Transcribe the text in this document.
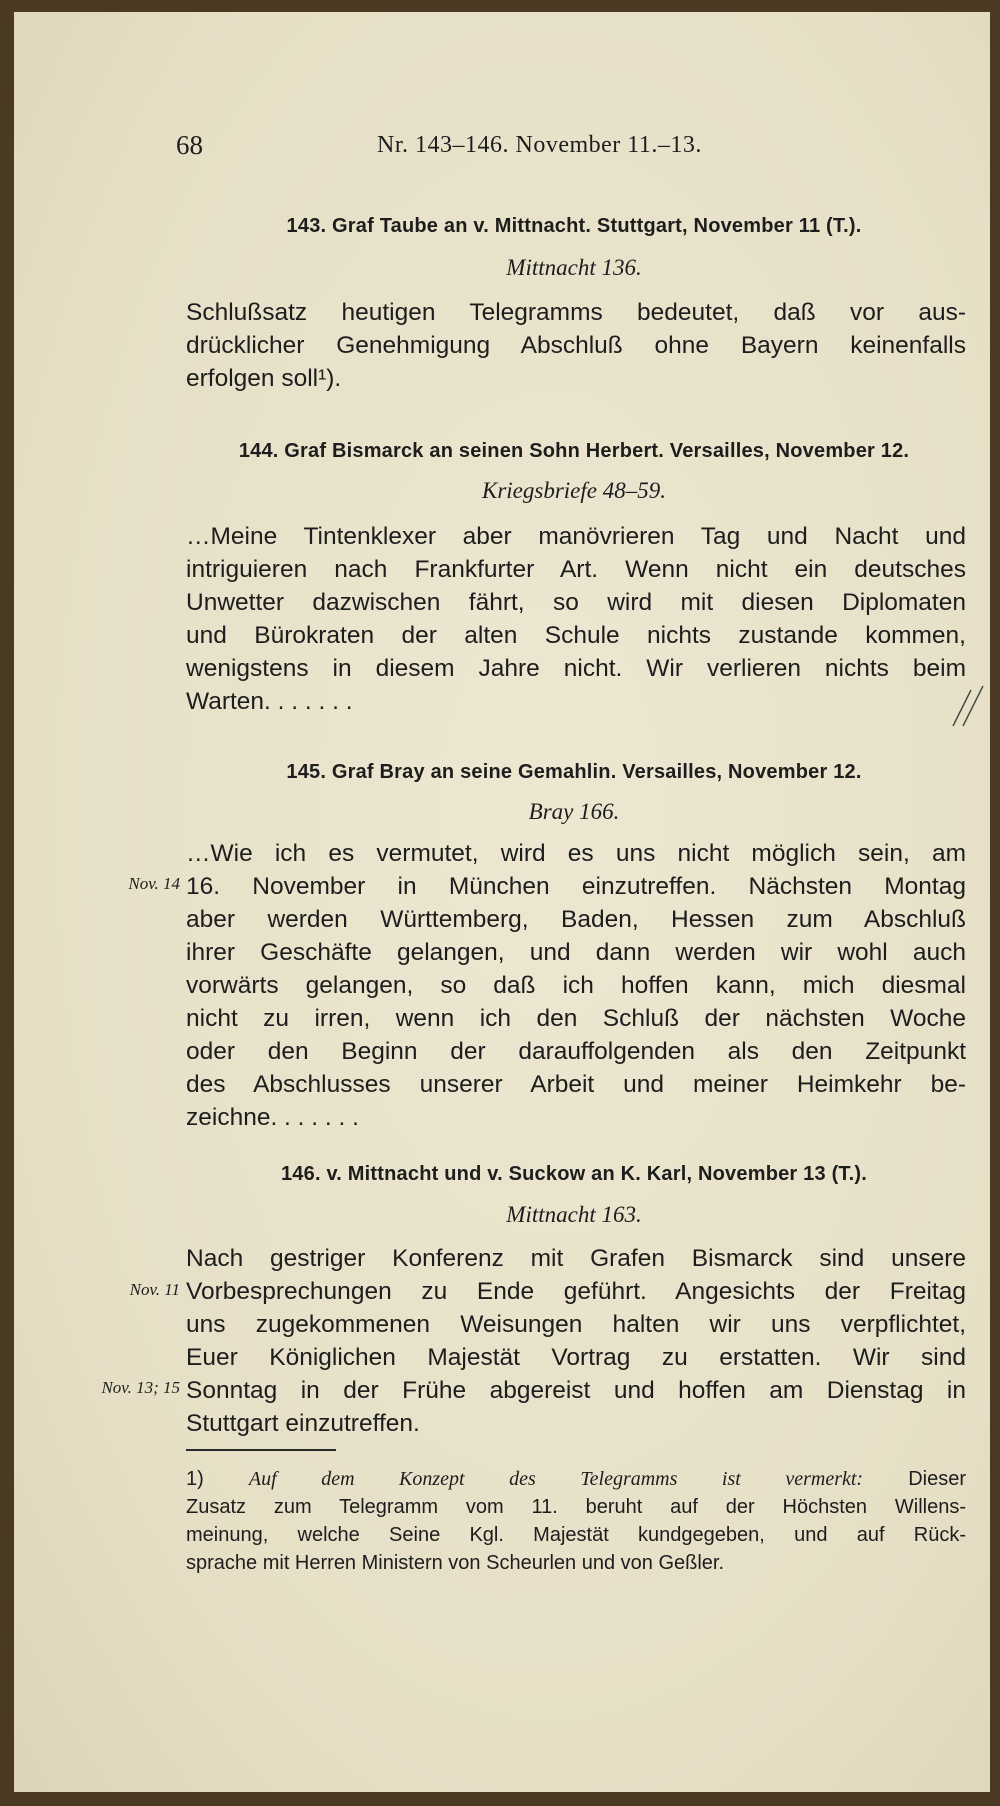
68	Nr. 143–146. November 11.–13.
143. Graf Taube an v. Mittnacht. Stuttgart, November 11 (T.).
Mittnacht 136.
Schlußsatz heutigen Telegramms bedeutet, daß vor aus-
drücklicher Genehmigung Abschluß ohne Bayern keinenfalls
erfolgen soll¹).
144. Graf Bismarck an seinen Sohn Herbert. Versailles, November 12.
Kriegsbriefe 48–59.
…Meine Tintenklexer aber manövrieren Tag und Nacht und
intriguieren nach Frankfurter Art. Wenn nicht ein deutsches
Unwetter dazwischen fährt, so wird mit diesen Diplomaten
und Bürokraten der alten Schule nichts zustande kommen,
wenigstens in diesem Jahre nicht. Wir verlieren nichts beim
Warten. . . . . . .
145. Graf Bray an seine Gemahlin. Versailles, November 12.
Bray 166.
Nov. 14
…Wie ich es vermutet, wird es uns nicht möglich sein, am
16. November in München einzutreffen. Nächsten Montag
aber werden Württemberg, Baden, Hessen zum Abschluß
ihrer Geschäfte gelangen, und dann werden wir wohl auch
vorwärts gelangen, so daß ich hoffen kann, mich diesmal
nicht zu irren, wenn ich den Schluß der nächsten Woche
oder den Beginn der darauffolgenden als den Zeitpunkt
des Abschlusses unserer Arbeit und meiner Heimkehr be-
zeichne. . . . . . .
146. v. Mittnacht und v. Suckow an K. Karl, November 13 (T.).
Mittnacht 163.
Nov. 11
Nov. 13; 15
Nach gestriger Konferenz mit Grafen Bismarck sind unsere
Vorbesprechungen zu Ende geführt. Angesichts der Freitag
uns zugekommenen Weisungen halten wir uns verpflichtet,
Euer Königlichen Majestät Vortrag zu erstatten. Wir sind
Sonntag in der Frühe abgereist und hoffen am Dienstag in
Stuttgart einzutreffen.
1) Auf dem Konzept des Telegramms ist vermerkt: Dieser
Zusatz zum Telegramm vom 11. beruht auf der Höchsten Willens-
meinung, welche Seine Kgl. Majestät kundgegeben, und auf Rück-
sprache mit Herren Ministern von Scheurlen und von Geßler.
